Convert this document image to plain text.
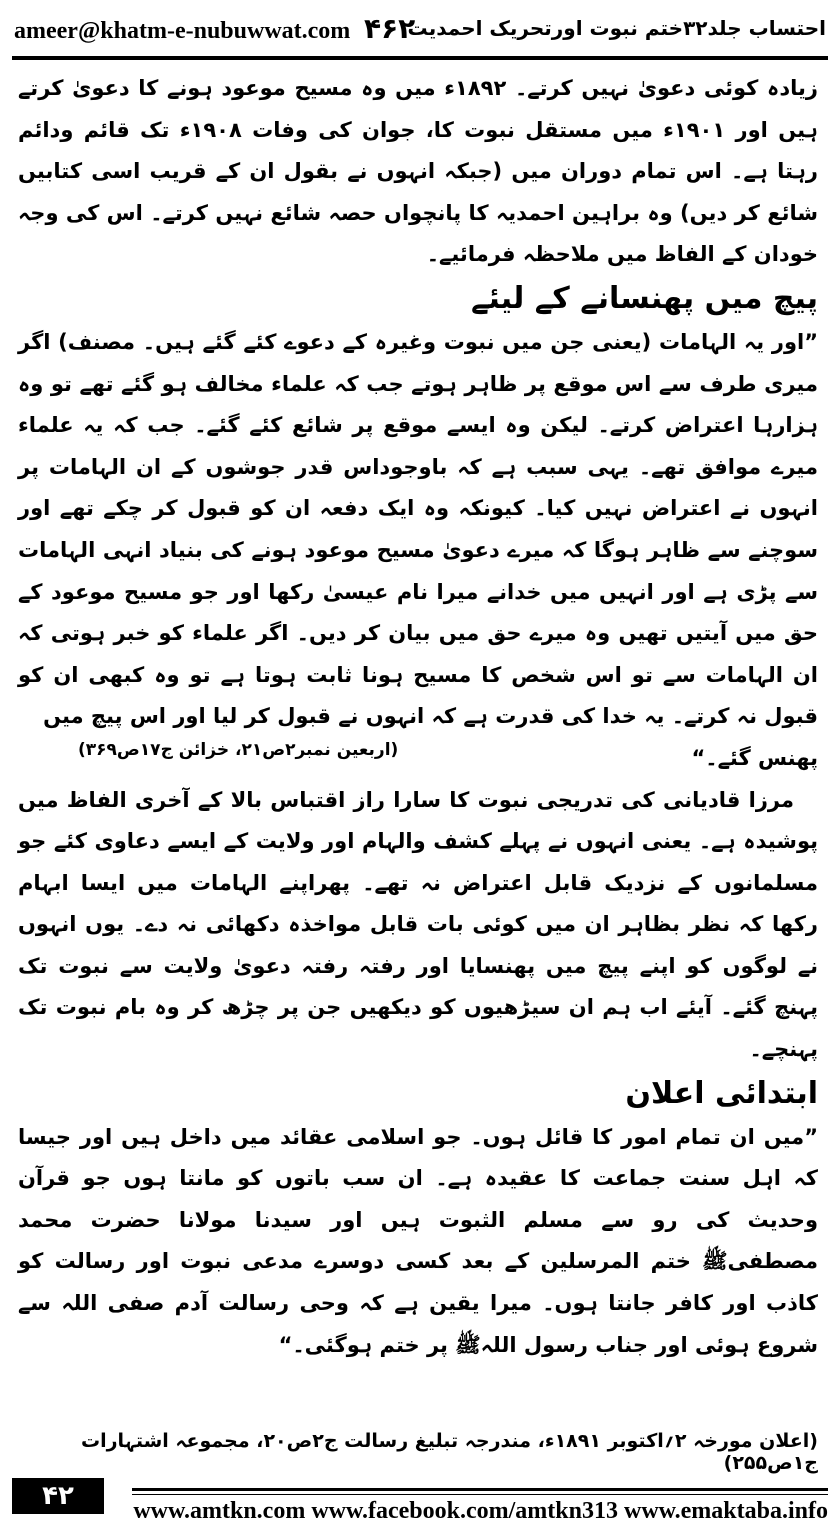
ameer@khatm-e-nubuwwat.com ۴۶۲
احتساب جلد۳۲ختم نبوت اورتحریک احمدیت

زیادہ کوئی دعویٰ نہیں کرتے۔ ۱۸۹۲ء میں وہ مسیح موعود ہونے کا دعویٰ کرتے ہیں اور ۱۹۰۱ء میں مستقل نبوت کا، جوان کی وفات ۱۹۰۸ء تک قائم ودائم رہتا ہے۔ اس تمام دوران میں (جبکہ انہوں نے بقول ان کے قریب اسی کتابیں شائع کر دیں) وہ براہین احمدیہ کا پانچواں حصہ شائع نہیں کرتے۔ اس کی وجہ خودان کے الفاظ میں ملاحظہ فرمائیے۔

پیچ میں پھنسانے کے لیئے

”اور یہ الہامات (یعنی جن میں نبوت وغیرہ کے دعوے کئے گئے ہیں۔ مصنف) اگر میری طرف سے اس موقع پر ظاہر ہوتے جب کہ علماء مخالف ہو گئے تھے تو وہ ہزارہا اعتراض کرتے۔ لیکن وہ ایسے موقع پر شائع کئے گئے۔ جب کہ یہ علماء میرے موافق تھے۔ یہی سبب ہے کہ باوجوداس قدر جوشوں کے ان الہامات پر انہوں نے اعتراض نہیں کیا۔ کیونکہ وہ ایک دفعہ ان کو قبول کر چکے تھے اور سوچنے سے ظاہر ہوگا کہ میرے دعویٰ مسیح موعود ہونے کی بنیاد انہی الہامات سے پڑی ہے اور انہیں میں خدانے میرا نام عیسیٰ رکھا اور جو مسیح موعود کے حق میں آیتیں تھیں وہ میرے حق میں بیان کر دیں۔ اگر علماء کو خبر ہوتی کہ ان الہامات سے تو اس شخص کا مسیح ہونا ثابت ہوتا ہے تو وہ کبھی ان کو قبول نہ کرتے۔ یہ خدا کی قدرت ہے کہ انہوں نے قبول کر لیا اور اس پیچ میں

پھنس گئے۔“
(اربعین نمبر۲ص۲۱، خزائن ج۱۷ص۳۶۹)

مرزا قادیانی کی تدریجی نبوت کا سارا راز اقتباس بالا کے آخری الفاظ میں پوشیدہ ہے۔ یعنی انہوں نے پہلے کشف والہام اور ولایت کے ایسے دعاوی کئے جو مسلمانوں کے نزدیک قابل اعتراض نہ تھے۔ پھراپنے الہامات میں ایسا ابہام رکھا کہ نظر بظاہر ان میں کوئی بات قابل مواخذہ دکھائی نہ دے۔ یوں انہوں نے لوگوں کو اپنے پیچ میں پھنسایا اور رفتہ رفتہ دعویٰ ولایت سے نبوت تک پہنچ گئے۔ آیئے اب ہم ان سیڑھیوں کو دیکھیں جن پر چڑھ کر وہ بام نبوت تک پہنچے۔

ابتدائی اعلان

”میں ان تمام امور کا قائل ہوں۔ جو اسلامی عقائد میں داخل ہیں اور جیسا کہ اہل سنت جماعت کا عقیدہ ہے۔ ان سب باتوں کو مانتا ہوں جو قرآن وحدیث کی رو سے مسلم الثبوت ہیں اور سیدنا مولانا حضرت محمد مصطفیﷺ ختم المرسلین کے بعد کسی دوسرے مدعی نبوت اور رسالت کو کاذب اور کافر جانتا ہوں۔ میرا یقین ہے کہ وحی رسالت آدم صفی اللہ سے شروع ہوئی اور جناب رسول اللہﷺ پر ختم ہوگئی۔“

(اعلان مورخہ ۲؍اکتوبر ۱۸۹۱ء، مندرجہ تبلیغ رسالت ج۲ص۲۰، مجموعہ اشتہارات ج۱ص۲۵۵)
۴۲	www.amtkn.com www.facebook.com/amtkn313 www.emaktaba.info
